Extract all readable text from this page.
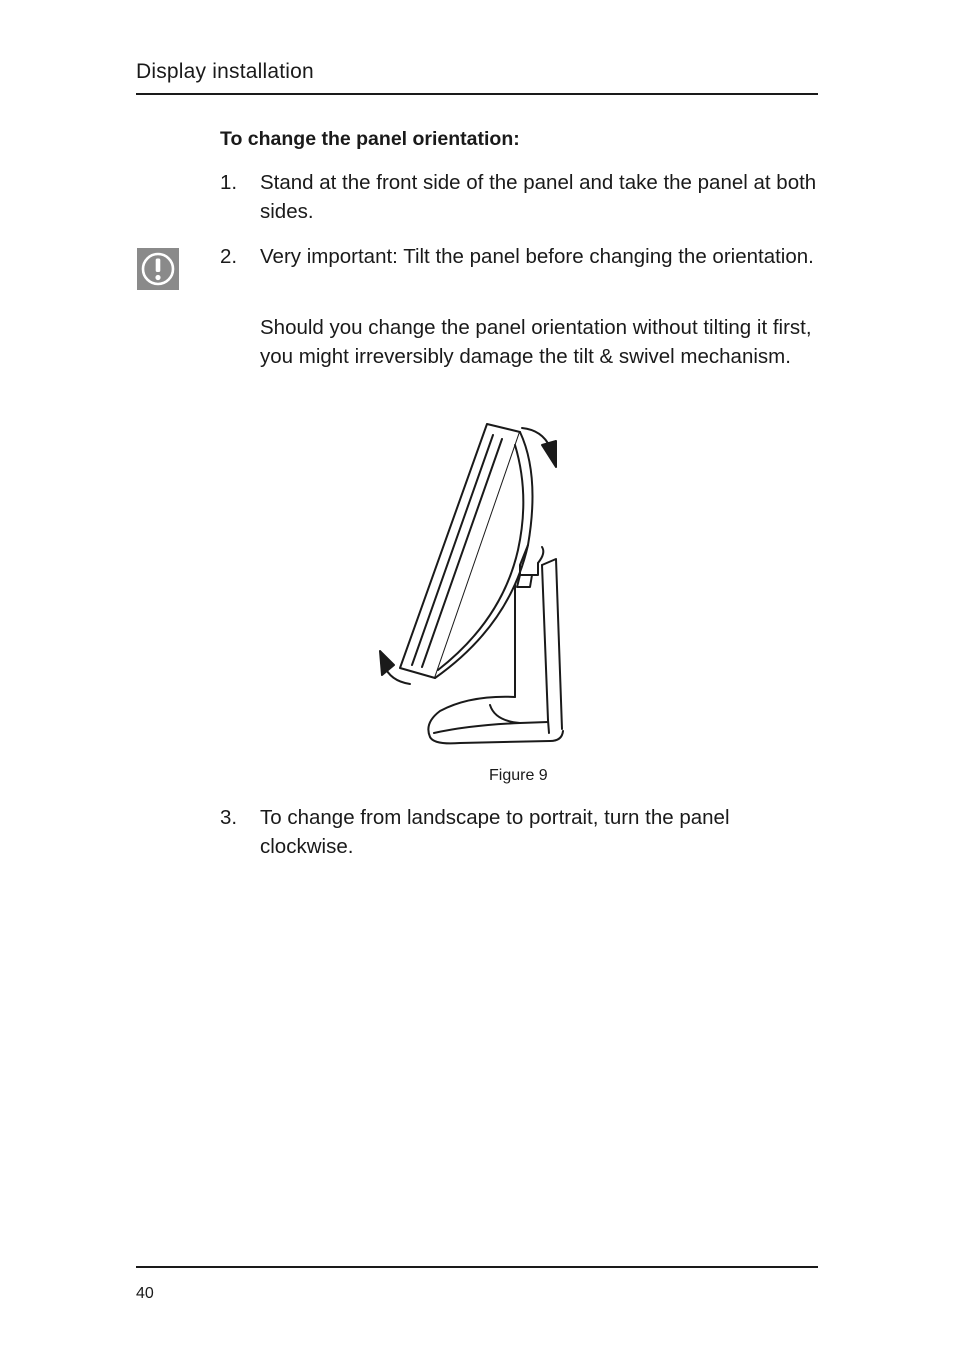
Display installation
To change the panel orientation:
1.	Stand at the front side of the panel and take the panel at both sides.
2.	Very important: Tilt the panel before changing the orientation.
Should you change the panel orientation without tilting it first, you might irreversibly damage the tilt & swivel mechanism.
Figure 9
3.	To change from landscape to portrait, turn the panel clockwise.
40
